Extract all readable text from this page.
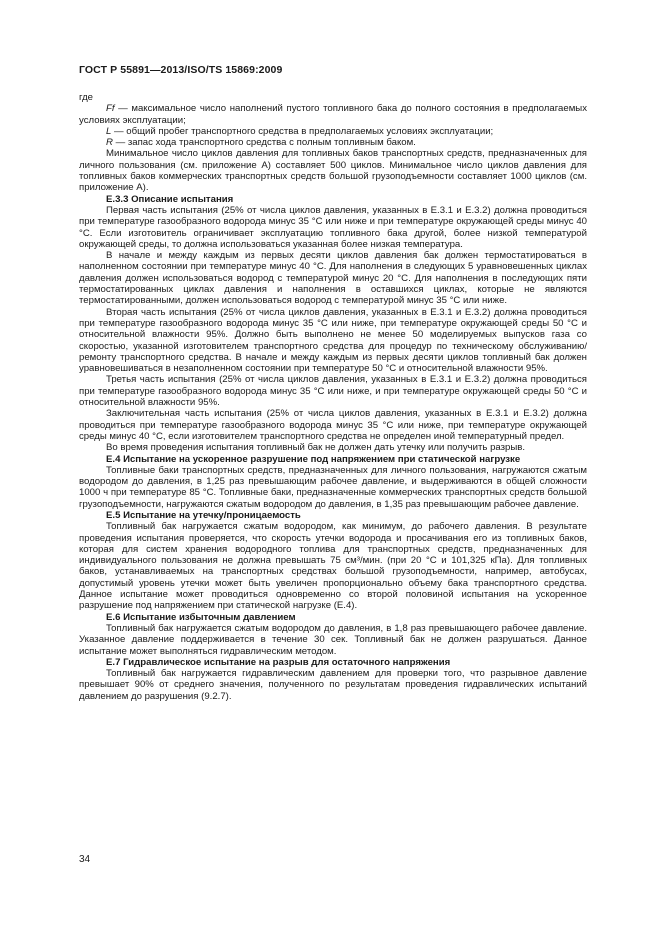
ГОСТ Р 55891—2013/ISO/TS 15869:2009

где

Ff — максимальное число наполнений пустого топливного бака до полного состояния в предполагаемых условиях эксплуатации;

L — общий пробег транспортного средства в предполагаемых условиях эксплуатации;

R — запас хода транспортного средства с полным топливным баком.

Минимальное число циклов давления для топливных баков транспортных средств, предназначенных для личного пользования (см. приложение А) составляет 500 циклов. Минимальное число циклов давления для топливных баков коммерческих транспортных средств большой грузоподъемности составляет 1000 циклов (см. приложение А).

Е.3.3 Описание испытания

Первая часть испытания (25% от числа циклов давления, указанных в Е.3.1 и Е.3.2) должна проводиться при температуре газообразного водорода минус 35 °С или ниже и при температуре окружающей среды минус 40 °С. Если изготовитель ограничивает эксплуатацию топливного бака другой, более низкой температурой окружающей среды, то должна использоваться указанная более низкая температура.

В начале и между каждым из первых десяти циклов давления бак должен термостатироваться в наполненном состоянии при температуре минус 40 °С. Для наполнения в следующих 5 уравновешенных циклах давления должен использоваться водород с температурой минус 20 °С. Для наполнения в последующих пяти термостатированных циклах давления и наполнения в оставшихся циклах, которые не являются термостатированными, должен использоваться водород с температурой минус 35 °С или ниже.

Вторая часть испытания (25% от числа циклов давления, указанных в Е.3.1 и Е.3.2) должна проводиться при температуре газообразного водорода минус 35 °С или ниже, при температуре окружающей среды 50 °С и относительной влажности 95%. Должно быть выполнено не менее 50 моделируемых выпусков газа со скоростью, указанной изготовителем транспортного средства для процедур по техническому обслуживанию/ремонту транспортного средства. В начале и между каждым из первых десяти циклов топливный бак должен уравновешиваться в незаполненном состоянии при температуре 50 °С и относительной влажности 95%.

Третья часть испытания (25% от числа циклов давления, указанных в Е.3.1 и Е.3.2) должна проводиться при температуре газообразного водорода минус 35 °С или ниже, и при температуре окружающей среды 50 °С и относительной влажности 95%.

Заключительная часть испытания (25% от числа циклов давления, указанных в Е.3.1 и Е.3.2) должна проводиться при температуре газообразного водорода минус 35 °С или ниже, при температуре окружающей среды минус 40 °С, если изготовителем транспортного средства не определен иной температурный предел.

Во время проведения испытания топливный бак не должен дать утечку или получить разрыв.

Е.4 Испытание на ускоренное разрушение под напряжением при статической нагрузке

Топливные баки транспортных средств, предназначенных для личного пользования, нагружаются сжатым водородом до давления, в 1,25 раз превышающим рабочее давление, и выдерживаются в общей сложности 1000 ч при температуре 85 °С. Топливные баки, предназначенные коммерческих транспортных средств большой грузоподъемности, нагружаются сжатым водородом до давления, в 1,35 раз превышающим рабочее давление.

Е.5 Испытание на утечку/проницаемость

Топливный бак нагружается сжатым водородом, как минимум, до рабочего давления. В результате проведения испытания проверяется, что скорость утечки водорода и просачивания его из топливных баков, которая для систем хранения водородного топлива для транспортных средств, предназначенных для индивидуального пользования не должна превышать 75 см³/мин. (при 20 °С и 101,325 кПа). Для топливных баков, устанавливаемых на транспортных средствах большой грузоподъемности, например, автобусах, допустимый уровень утечки может быть увеличен пропорционально объему бака транспортного средства. Данное испытание может проводиться одновременно со второй половиной испытания на ускоренное разрушение под напряжением при статической нагрузке (Е.4).

Е.6 Испытание избыточным давлением

Топливный бак нагружается сжатым водородом до давления, в 1,8 раз превышающего рабочее давление. Указанное давление поддерживается в течение 30 сек. Топливный бак не должен разрушаться. Данное испытание может выполняться гидравлическим методом.

Е.7 Гидравлическое испытание на разрыв для остаточного напряжения

Топливный бак нагружается гидравлическим давлением для проверки того, что разрывное давление превышает 90% от среднего значения, полученного по результатам проведения гидравлических испытаний давлением до разрушения (9.2.7).

34
